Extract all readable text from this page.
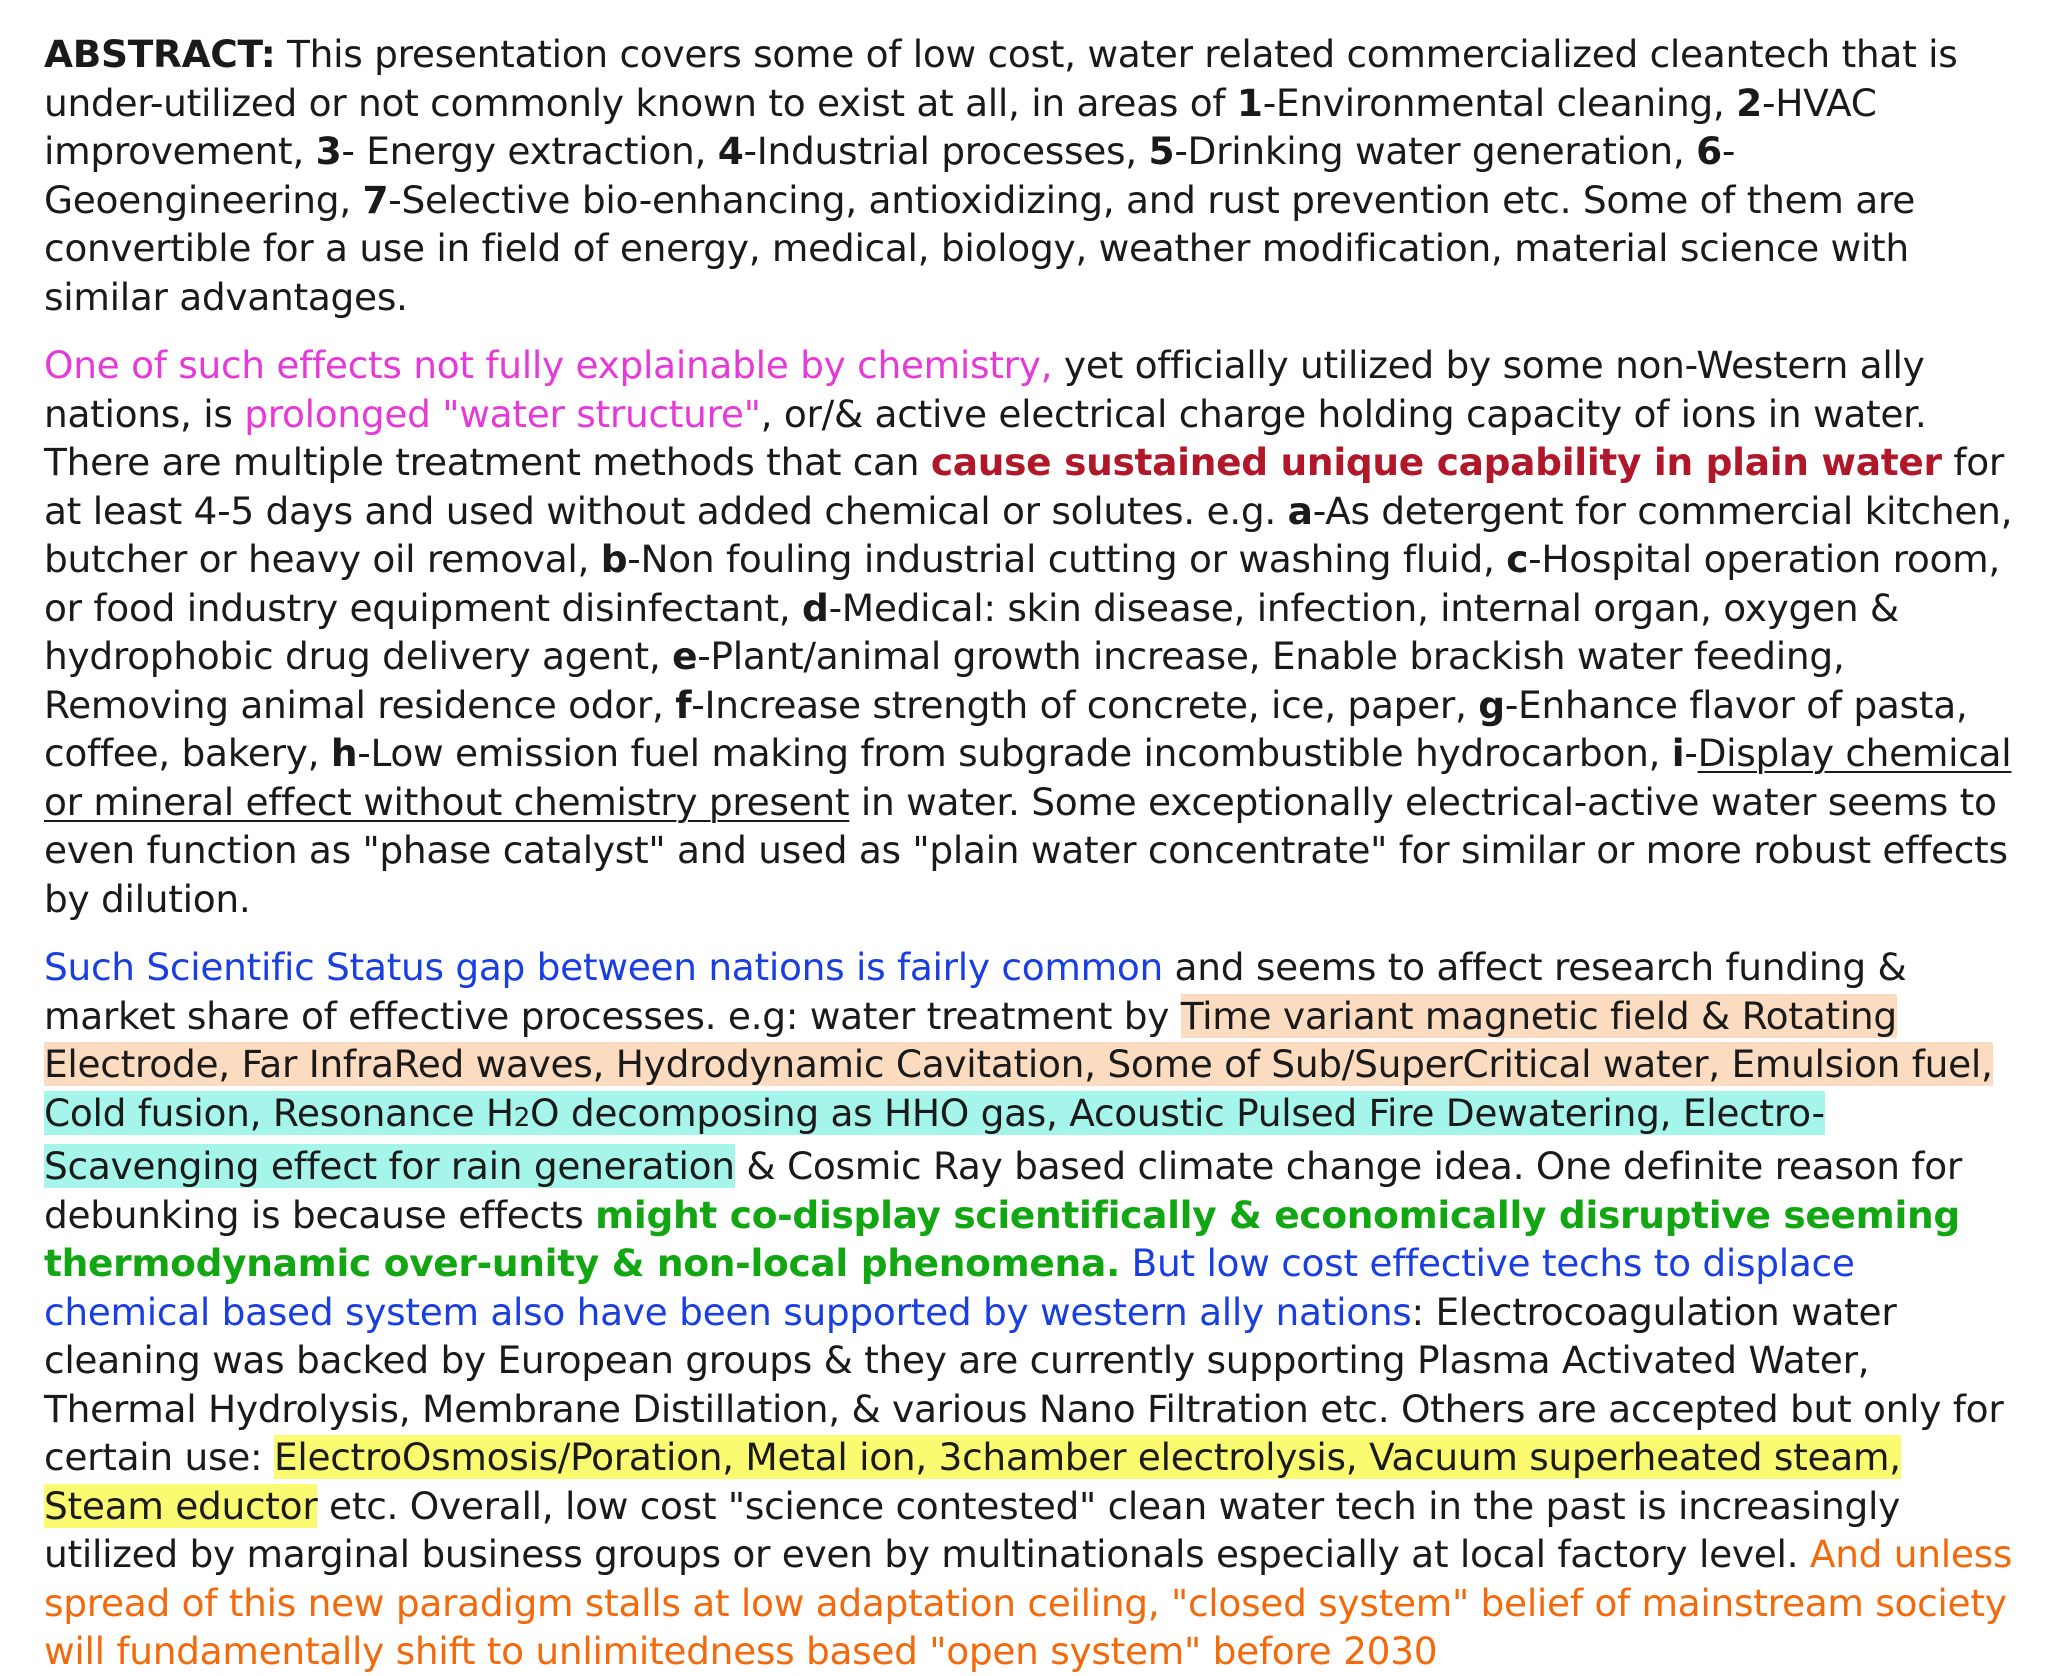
ABSTRACT: This presentation covers some of low cost, water related commercialized cleantech that is under-utilized or not commonly known to exist at all, in areas of 1-Environmental cleaning, 2-HVAC improvement, 3- Energy extraction, 4-Industrial processes, 5-Drinking water generation, 6-Geoengineering, 7-Selective bio-enhancing, antioxidizing, and rust prevention etc. Some of them are convertible for a use in field of energy, medical, biology, weather modification, material science with similar advantages.

One of such effects not fully explainable by chemistry, yet officially utilized by some non-Western ally nations, is prolonged "water structure", or/& active electrical charge holding capacity of ions in water. There are multiple treatment methods that can cause sustained unique capability in plain water for at least 4-5 days and used without added chemical or solutes. e.g. a-As detergent for commercial kitchen, butcher or heavy oil removal, b-Non fouling industrial cutting or washing fluid, c-Hospital operation room, or food industry equipment disinfectant, d-Medical: skin disease, infection, internal organ, oxygen & hydrophobic drug delivery agent, e-Plant/animal growth increase, Enable brackish water feeding, Removing animal residence odor, f-Increase strength of concrete, ice, paper, g-Enhance flavor of pasta, coffee, bakery, h-Low emission fuel making from subgrade incombustible hydrocarbon, i-Display chemical or mineral effect without chemistry present in water. Some exceptionally electrical-active water seems to even function as "phase catalyst" and used as "plain water concentrate" for similar or more robust effects by dilution.

Such Scientific Status gap between nations is fairly common and seems to affect research funding & market share of effective processes. e.g: water treatment by Time variant magnetic field & Rotating Electrode, Far InfraRed waves, Hydrodynamic Cavitation, Some of Sub/SuperCritical water, Emulsion fuel, Cold fusion, Resonance H2O decomposing as HHO gas, Acoustic Pulsed Fire Dewatering, Electro-Scavenging effect for rain generation & Cosmic Ray based climate change idea. One definite reason for debunking is because effects might co-display scientifically & economically disruptive seeming thermodynamic over-unity & non-local phenomena. But low cost effective techs to displace chemical based system also have been supported by western ally nations: Electrocoagulation water cleaning was backed by European groups & they are currently supporting Plasma Activated Water, Thermal Hydrolysis, Membrane Distillation, & various Nano Filtration etc. Others are accepted but only for certain use: ElectroOsmosis/Poration, Metal ion, 3chamber electrolysis, Vacuum superheated steam, Steam eductor etc. Overall, low cost "science contested" clean water tech in the past is increasingly utilized by marginal business groups or even by multinationals especially at local factory level. And unless spread of this new paradigm stalls at low adaptation ceiling, "closed system" belief of mainstream society will fundamentally shift to unlimitedness based "open system" before 2030
